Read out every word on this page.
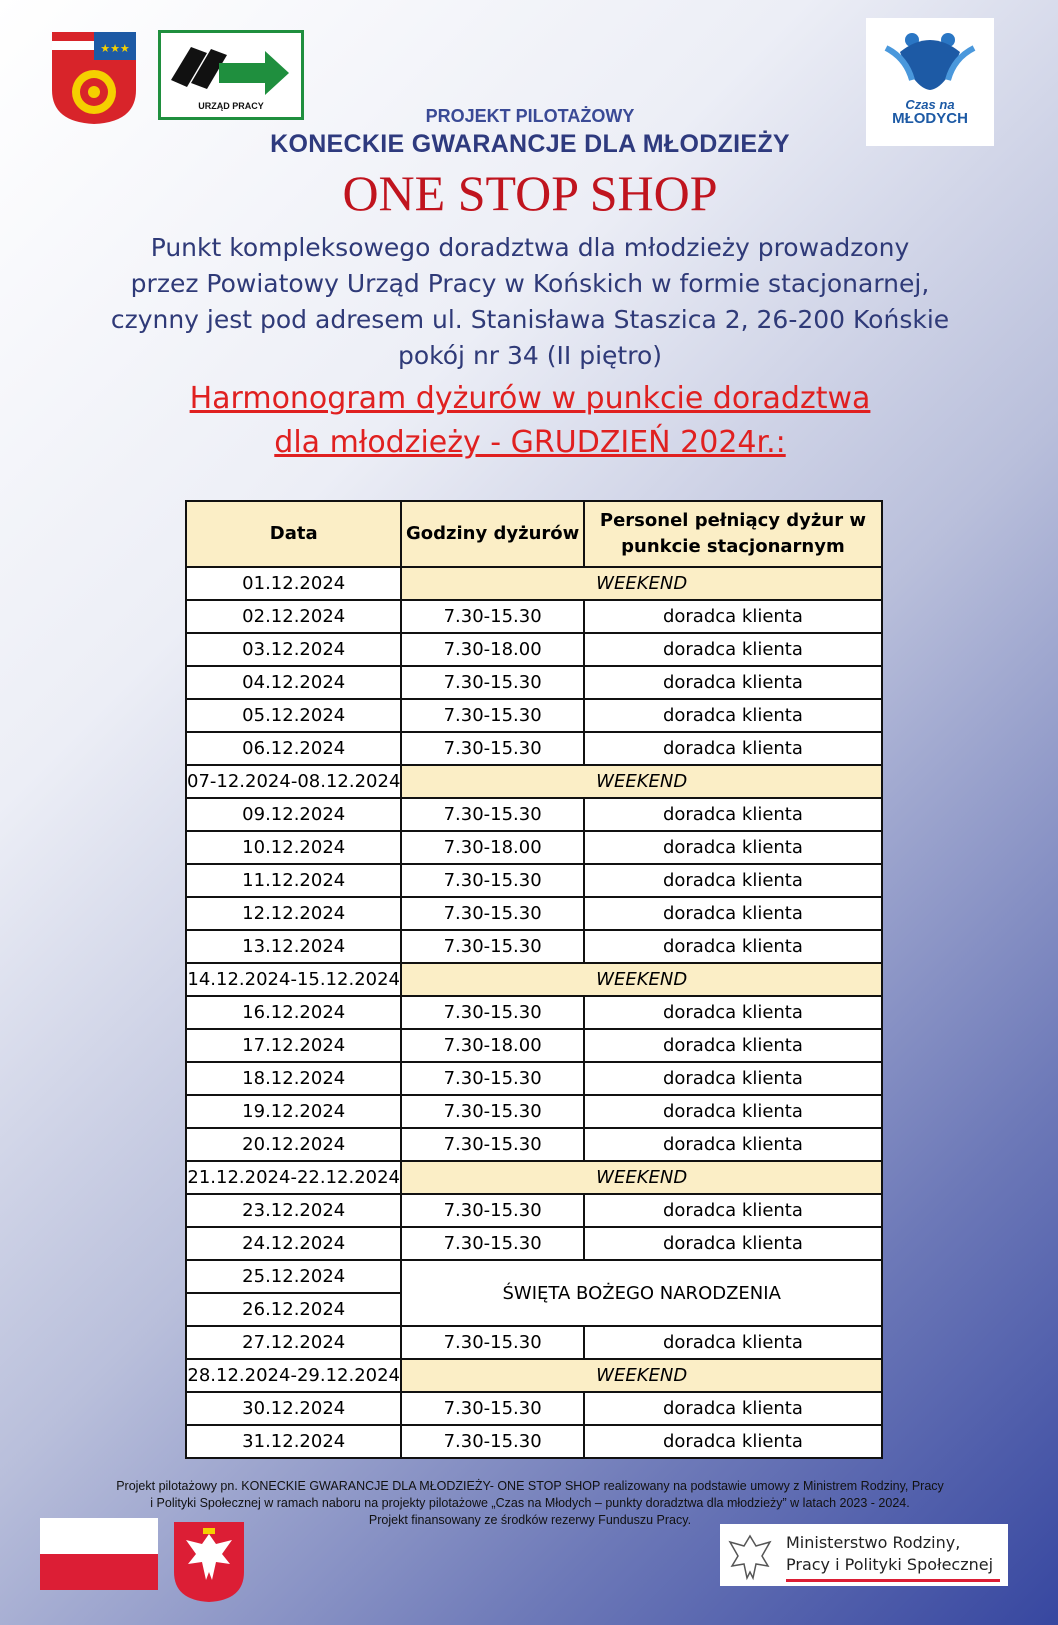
★★★
URZĄD PRACY	Czas na
MŁODYCH
PROJEKT PILOTAŻOWY
KONECKIE GWARANCJE DLA MŁODZIEŻY
ONE STOP SHOP
Punkt kompleksowego doradztwa dla młodzieży prowadzony
przez Powiatowy Urząd Pracy w Końskich w formie stacjonarnej,
czynny jest pod adresem ul. Stanisława Staszica 2, 26-200 Końskie
pokój nr 34 (II piętro)
Harmonogram dyżurów w punkcie doradztwa
dla młodzieży - GRUDZIEŃ 2024r.:
Data	Godziny dyżurów	Personel pełniący dyżur w punkcie stacjonarnym
01.12.2024	WEEKEND	
02.12.2024	7.30-15.30	doradca klienta
03.12.2024	7.30-18.00	doradca klienta
04.12.2024	7.30-15.30	doradca klienta
05.12.2024	7.30-15.30	doradca klienta
06.12.2024	7.30-15.30	doradca klienta
07-12.2024-08.12.2024	WEEKEND	
09.12.2024	7.30-15.30	doradca klienta
10.12.2024	7.30-18.00	doradca klienta
11.12.2024	7.30-15.30	doradca klienta
12.12.2024	7.30-15.30	doradca klienta
13.12.2024	7.30-15.30	doradca klienta
14.12.2024-15.12.2024	WEEKEND	
16.12.2024	7.30-15.30	doradca klienta
17.12.2024	7.30-18.00	doradca klienta
18.12.2024	7.30-15.30	doradca klienta
19.12.2024	7.30-15.30	doradca klienta
20.12.2024	7.30-15.30	doradca klienta
21.12.2024-22.12.2024	WEEKEND	
23.12.2024	7.30-15.30	doradca klienta
24.12.2024	7.30-15.30	doradca klienta
25.12.2024	ŚWIĘTA BOŻEGO NARODZENIA	
26.12.2024		
27.12.2024	7.30-15.30	doradca klienta
28.12.2024-29.12.2024	WEEKEND	
30.12.2024	7.30-15.30	doradca klienta
31.12.2024	7.30-15.30	doradca klienta
Projekt pilotażowy pn. KONECKIE GWARANCJE DLA MŁODZIEŻY- ONE STOP SHOP realizowany na podstawie umowy z Ministrem Rodziny, Pracy
i Polityki Społecznej w ramach naboru na projekty pilotażowe „Czas na Młodych – punkty doradztwa dla młodzieży” w latach 2023 - 2024.
Projekt finansowany ze środków rezerwy Funduszu Pracy.
Ministerstwo Rodziny,
Pracy i Polityki Społecznej
